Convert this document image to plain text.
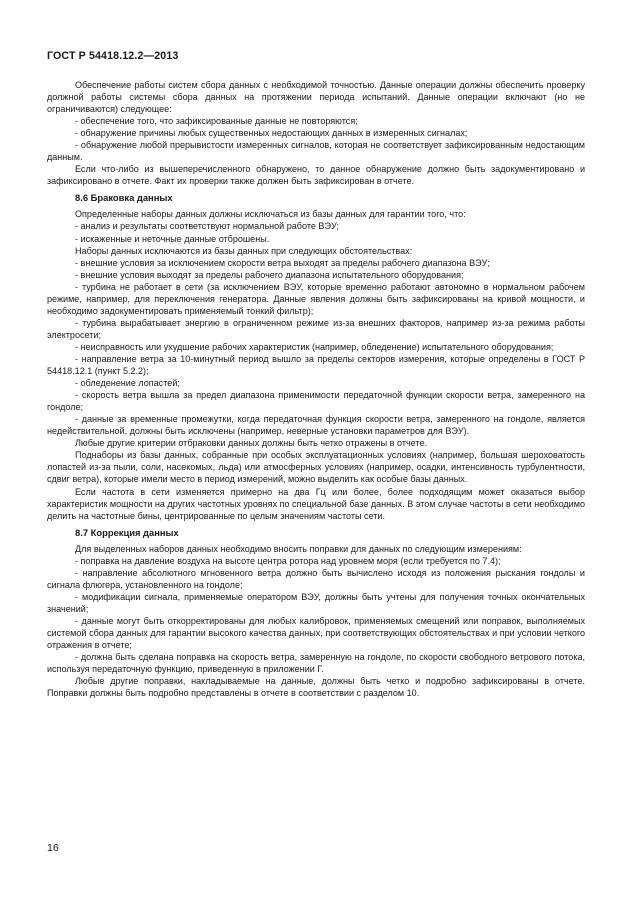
ГОСТ Р 54418.12.2—2013

Обеспечение работы систем сбора данных с необходимой точностью. Данные операции должны обеспечить проверку должной работы системы сбора данных на протяжении периода испытаний. Данные операции включают (но не ограничиваются) следующее:

- обеспечение того, что зафиксированные данные не повторяются;

- обнаружение причины любых существенных недостающих данных в измеренных сигналах;

- обнаружение любой прерывистости измеренных сигналов, которая не соответствует зафиксированным недостающим данным.

Если что-либо из вышеперечисленного обнаружено, то данное обнаружение должно быть задокументировано и зафиксировано в отчете. Факт их проверки также должен быть зафиксирован в отчете.

8.6 Браковка данных

Определенные наборы данных должны исключаться из базы данных для гарантии того, что:

- анализ и результаты соответствуют нормальной работе ВЭУ;

- искаженные и неточные данные отброшены.

Наборы данных исключаются из базы данных при следующих обстоятельствах:

- внешние условия за исключением скорости ветра выходят за пределы рабочего диапазона ВЭУ;

- внешние условия выходят за пределы рабочего диапазона испытательного оборудования;

- турбина не работает в сети (за исключением ВЭУ, которые временно работают автономно в нормальном рабочем режиме, например, для переключения генератора. Данные явления должны быть зафиксированы на кривой мощности, и необходимо задокументировать применяемый тонкий фильтр);

- турбина вырабатывает энергию в ограниченном режиме из-за внешних факторов, например из-за режима работы электросети;

- неисправность или ухудшение рабочих характеристик (например, обледенение) испытательного оборудования;

- направление ветра за 10-минутный период вышло за пределы секторов измерения, которые определены в ГОСТ Р 54418.12.1 (пункт 5.2.2);

- обледенение лопастей;

- скорость ветра вышла за предел диапазона применимости передаточной функции скорости ветра, замеренного на гондоле;

- данные за временные промежутки, когда передаточная функция скорости ветра, замеренного на гондоле, является недействительной, должны быть исключены (например, неверные установки параметров для ВЭУ).

Любые другие критерии отбраковки данных должны быть четко отражены в отчете.

Поднаборы из базы данных, собранные при особых эксплуатационных условиях (например, большая шероховатость лопастей из-за пыли, соли, насекомых, льда) или атмосферных условиях (например, осадки, интенсивность турбулентности, сдвиг ветра), которые имели место в период измерений, можно выделить как особые базы данных.

Если частота в сети изменяется примерно на два Гц или более, более подходящим может оказаться выбор характеристик мощности на других частотных уровнях по специальной базе данных. В этом случае частоты в сети необходимо делить на частотные бины, центрированные по целым значениям частоты сети.

8.7 Коррекция данных

Для выделенных наборов данных необходимо вносить поправки для данных по следующим измерениям:

- поправка на давление воздуха на высоте центра ротора над уровнем моря (если требуется по 7.4);

- направление абсолютного мгновенного ветра должно быть вычислено исходя из положения рыскания гондолы и сигнала флюгера, установленного на гондоле;

- модификации сигнала, применяемые оператором ВЭУ, должны быть учтены для получения точных окончательных значений;

- данные могут быть откорректированы для любых калибровок, применяемых смещений или поправок, выполняемых системой сбора данных для гарантии высокого качества данных, при соответствующих обстоятельствах и при условии четкого отражения в отчете;

- должна быть сделана поправка на скорость ветра, замеренную на гондоле, по скорости свободного ветрового потока, используя передаточную функцию, приведенную в приложении Г.

Любые другие поправки, накладываемые на данные, должны быть четко и подробно зафиксированы в отчете. Поправки должны быть подробно представлены в отчете в соответствии с разделом 10.

16
